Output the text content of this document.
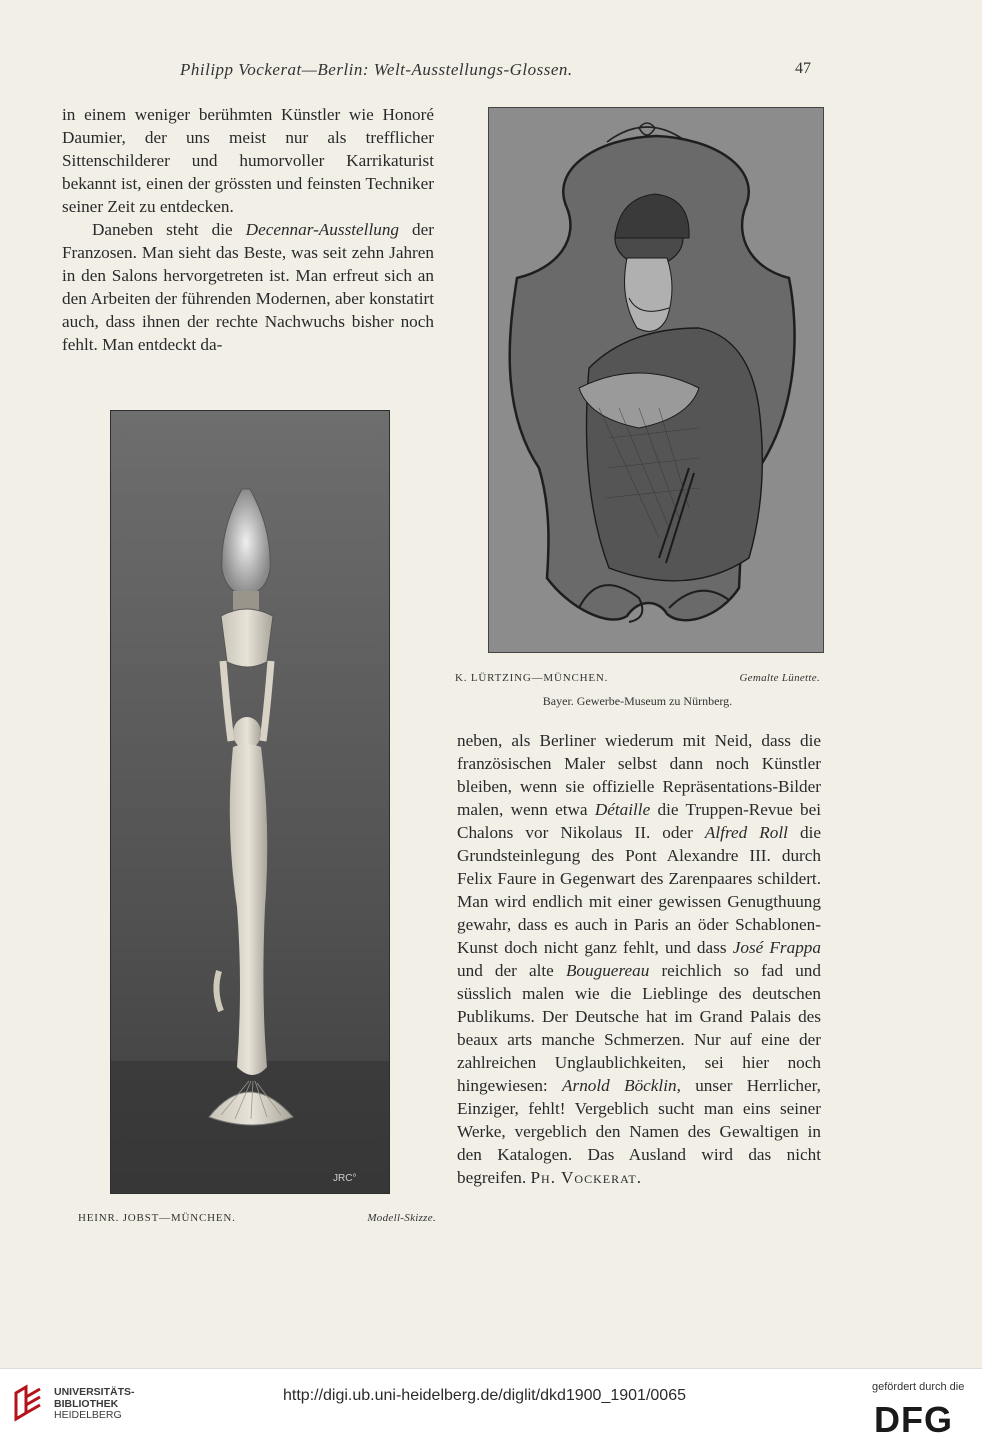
Philipp Vockerat—Berlin: Welt-Ausstellungs-Glossen.	47

in einem weniger berühmten Künstler wie Honoré Daumier, der uns meist nur als trefflicher Sittenschilderer und humorvoller Karrikaturist bekannt ist, einen der grössten und feinsten Techniker seiner Zeit zu entdecken.

Daneben steht die Decennar-Ausstellung der Franzosen. Man sieht das Beste, was seit zehn Jahren in den Salons hervorgetreten ist. Man erfreut sich an den Arbeiten der führenden Modernen, aber konstatirt auch, dass ihnen der rechte Nachwuchs bisher noch fehlt. Man entdeckt da-

K. LÜRTZING—MÜNCHEN.	Gemalte Lünette.
Bayer. Gewerbe-Museum zu Nürnberg.
JRC°
HEINR. JOBST—MÜNCHEN.	Modell-Skizze.

neben, als Berliner wiederum mit Neid, dass die französischen Maler selbst dann noch Künstler bleiben, wenn sie offizielle Repräsentations-Bilder malen, wenn etwa Détaille die Truppen-Revue bei Chalons vor Nikolaus II. oder Alfred Roll die Grundsteinlegung des Pont Alexandre III. durch Felix Faure in Gegenwart des Zarenpaares schildert. Man wird endlich mit einer gewissen Genugthuung gewahr, dass es auch in Paris an öder Schablonen-Kunst doch nicht ganz fehlt, und dass José Frappa und der alte Bouguereau reichlich so fad und süsslich malen wie die Lieblinge des deutschen Publikums. Der Deutsche hat im Grand Palais des beaux arts manche Schmerzen. Nur auf eine der zahlreichen Unglaublichkeiten, sei hier noch hingewiesen: Arnold Böcklin, unser Herrlicher, Einziger, fehlt! Vergeblich sucht man eins seiner Werke, vergeblich den Namen des Gewaltigen in den Katalogen. Das Ausland wird das nicht begreifen. Ph. Vockerat.

UNIVERSITÄTS-
BIBLIOTHEK
HEIDELBERG
http://digi.ub.uni-heidelberg.de/diglit/dkd1900_1901/0065	gefördert durch die
DFG
